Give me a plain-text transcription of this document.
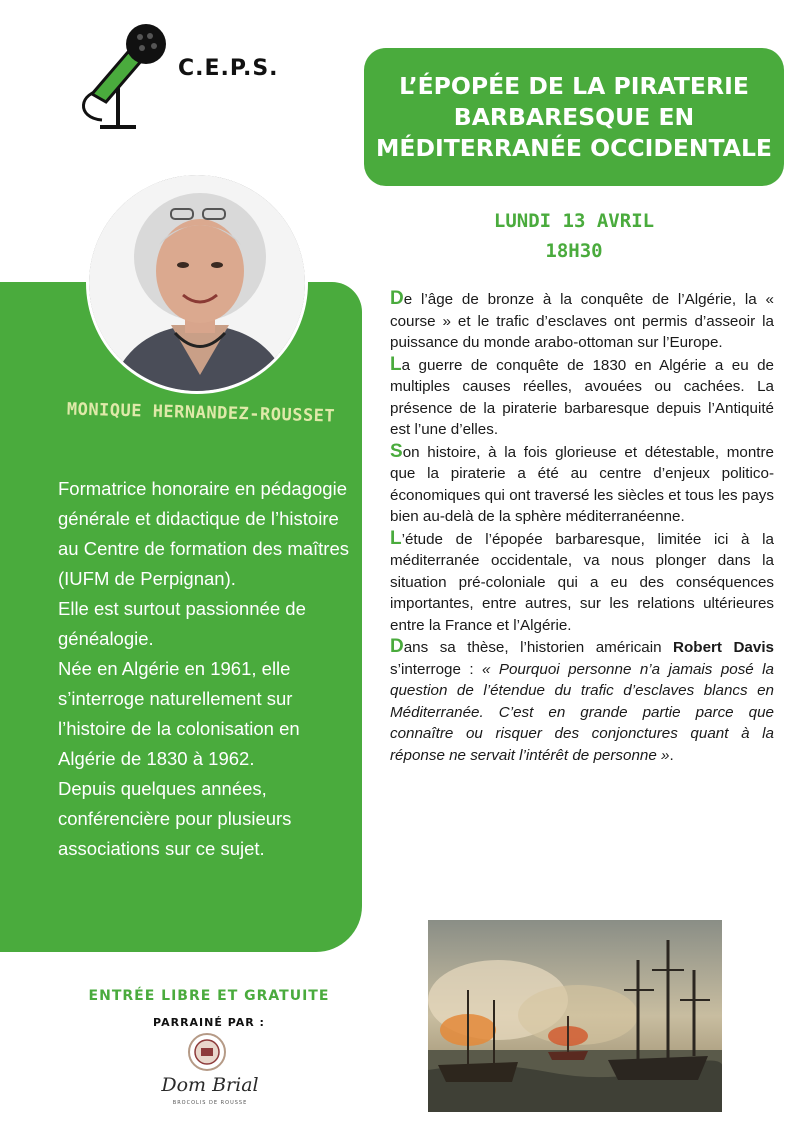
C.E.P.S.
MONIQUE HERNANDEZ-ROUSSET

Formatrice honoraire en pédagogie générale et didactique de l’histoire au Centre de formation des maîtres (IUFM de Perpignan).

Elle est surtout passionnée de généalogie.

Née en Algérie en 1961, elle s’interroge naturellement sur l’histoire de la colonisation en Algérie de 1830 à 1962.

Depuis quelques années, conférencière pour plusieurs associations sur ce sujet.

L’ÉPOPÉE DE LA PIRATERIE BARBARESQUE EN MÉDITERRANÉE OCCIDENTALE
LUNDI 13 AVRIL
18H30

De l’âge de bronze à la conquête de l’Algérie, la « course » et le trafic d’esclaves ont permis d’asseoir la puissance du monde arabo-ottoman sur l’Europe.

La guerre de conquête de 1830 en Algérie a eu de multiples causes réelles, avouées ou cachées. La présence de la piraterie barbaresque depuis l’Antiquité est l’une d’elles.

Son histoire, à la fois glorieuse et détestable, montre que la piraterie a été au centre d’enjeux politico-économiques qui ont traversé les siècles et tous les pays bien au-delà de la sphère méditerranéenne.

L’étude de l’épopée barbaresque, limitée ici à la méditerranée occidentale, va nous plonger dans la situation pré-coloniale qui a eu des conséquences importantes, entre autres, sur les relations ultérieures entre la France et l’Algérie.

Dans sa thèse, l’historien américain Robert Davis s’interroge : « Pourquoi personne n’a jamais posé la question de l’étendue du trafic d’esclaves blancs en Méditerranée. C’est en grande partie parce que connaître ou risquer des conjonctures quant à la réponse ne servait l’intérêt de personne ».

ENTRÉE LIBRE ET GRATUITE
PARRAINÉ PAR :
Dom Brial
BROCOLIS DE ROUSSE
